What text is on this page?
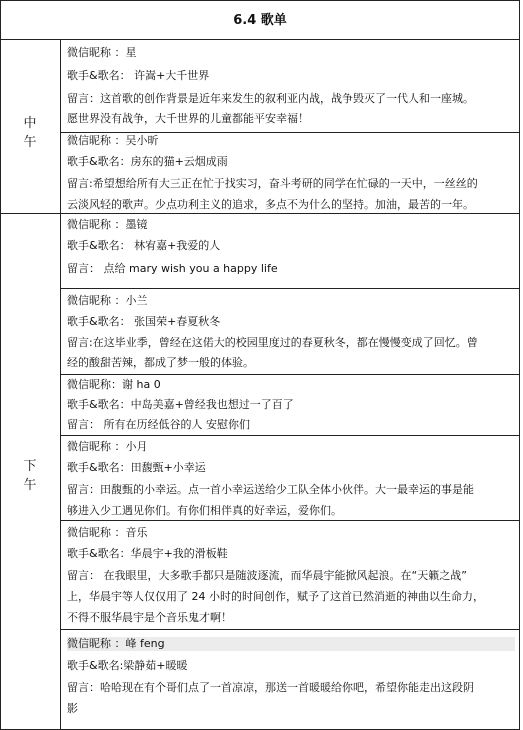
6.4 歌单
中
午
下
午
微信昵称 ：星
歌手&歌名： 许嵩+大千世界
留言：这首歌的创作背景是近年来发生的叙利亚内战，战争毁灭了一代人和一座城。
愿世界没有战争，大千世界的儿童都能平安幸福！
微信昵称 ：吴小昕
歌手&歌名：房东的猫+云烟成雨
留言:希望想给所有大三正在忙于找实习，奋斗考研的同学在忙碌的一天中，一丝丝的
云淡风轻的歌声。少点功利主义的追求，多点不为什么的坚持。加油，最苦的一年。
微信昵称 ：墨镜
歌手&歌名： 林宥嘉+我爱的人
留言： 点给 mary wish you a happy life
微信昵称 ：小兰
歌手&歌名： 张国荣+春夏秋冬
留言:在这毕业季，曾经在这偌大的校园里度过的春夏秋冬，都在慢慢变成了回忆。曾
经的酸甜苦辣，都成了梦一般的体验。
微信昵称：谢 ha 0
歌手&歌名：中岛美嘉+曾经我也想过一了百了
留言： 所有在历经低谷的人 安慰你们
微信昵称 ：小月
歌手&歌名：田馥甄+小幸运
留言：田馥甄的小幸运。点一首小幸运送给少工队全体小伙伴。大一最幸运的事是能
够进入少工遇见你们。有你们相伴真的好幸运，爱你们。
微信昵称 ：音乐
歌手&歌名：华晨宇+我的滑板鞋
留言： 在我眼里，大多歌手都只是随波逐流，而华晨宇能掀风起浪。在“天籁之战”
上，华晨宇等人仅仅用了 24 小时的时间创作，赋予了这首已然消逝的神曲以生命力，
不得不服华晨宇是个音乐鬼才啊！
微信昵称 ：峰 feng
歌手&歌名:梁静茹+暖暖
留言：哈哈现在有个哥们点了一首凉凉，那送一首暖暖给你吧，希望你能走出这段阴
影
